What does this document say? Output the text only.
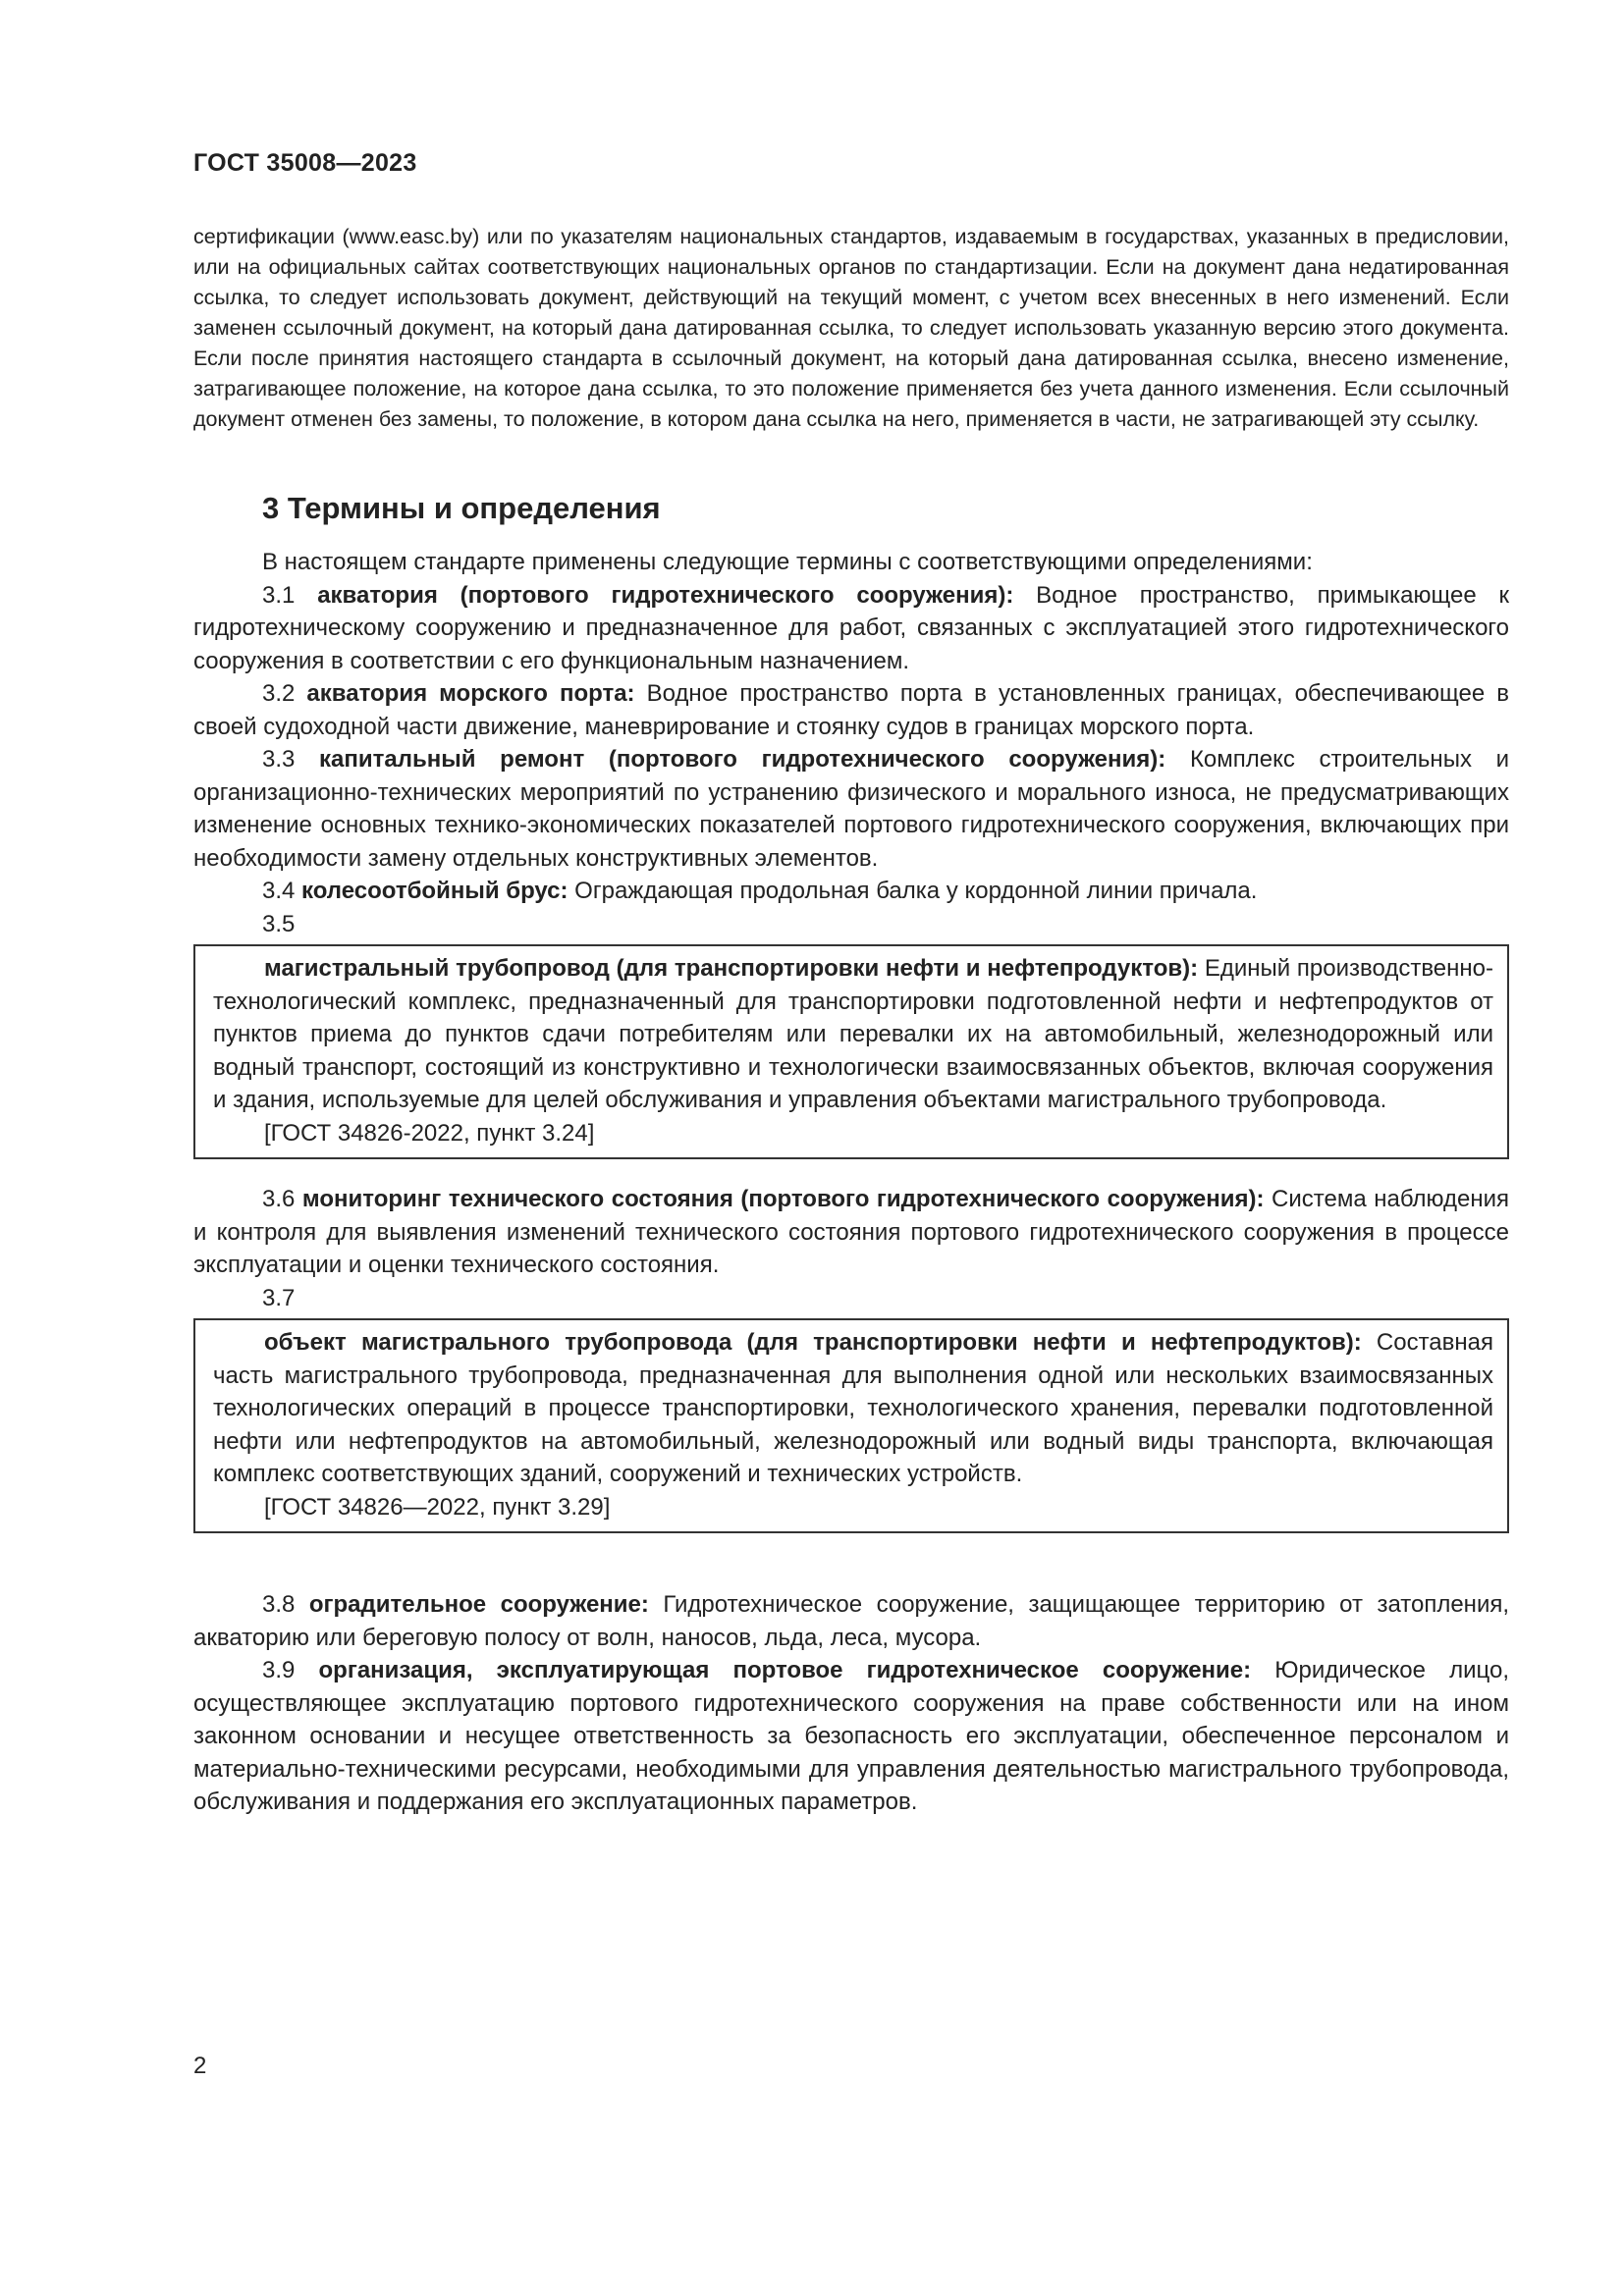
ГОСТ 35008—2023

сертификации (www.easc.by) или по указателям национальных стандартов, издаваемым в государствах, указанных в предисловии, или на официальных сайтах соответствующих национальных органов по стандартизации. Если на документ дана недатированная ссылка, то следует использовать документ, действующий на текущий момент, с учетом всех внесенных в него изменений. Если заменен ссылочный документ, на который дана датированная ссылка, то следует использовать указанную версию этого документа. Если после принятия настоящего стандарта в ссылочный документ, на который дана датированная ссылка, внесено изменение, затрагивающее положение, на которое дана ссылка, то это положение применяется без учета данного изменения. Если ссылочный документ отменен без замены, то положение, в котором дана ссылка на него, применяется в части, не затрагивающей эту ссылку.

3 Термины и определения

В настоящем стандарте применены следующие термины с соответствующими определениями:

3.1 акватория (портового гидротехнического сооружения): Водное пространство, примыкающее к гидротехническому сооружению и предназначенное для работ, связанных с эксплуатацией этого гидротехнического сооружения в соответствии с его функциональным назначением.

3.2 акватория морского порта: Водное пространство порта в установленных границах, обеспечивающее в своей судоходной части движение, маневрирование и стоянку судов в границах морского порта.

3.3 капитальный ремонт (портового гидротехнического сооружения): Комплекс строительных и организационно-технических мероприятий по устранению физического и морального износа, не предусматривающих изменение основных технико-экономических показателей портового гидротехнического сооружения, включающих при необходимости замену отдельных конструктивных элементов.

3.4 колесоотбойный брус: Ограждающая продольная балка у кордонной линии причала.

3.5

магистральный трубопровод (для транспортировки нефти и нефтепродуктов): Единый производственно-технологический комплекс, предназначенный для транспортировки подготовленной нефти и нефтепродуктов от пунктов приема до пунктов сдачи потребителям или перевалки их на автомобильный, железнодорожный или водный транспорт, состоящий из конструктивно и технологически взаимосвязанных объектов, включая сооружения и здания, используемые для целей обслуживания и управления объектами магистрального трубопровода.

[ГОСТ 34826-2022, пункт 3.24]

3.6 мониторинг технического состояния (портового гидротехнического сооружения): Система наблюдения и контроля для выявления изменений технического состояния портового гидротехнического сооружения в процессе эксплуатации и оценки технического состояния.

3.7

объект магистрального трубопровода (для транспортировки нефти и нефтепродуктов): Составная часть магистрального трубопровода, предназначенная для выполнения одной или нескольких взаимосвязанных технологических операций в процессе транспортировки, технологического хранения, перевалки подготовленной нефти или нефтепродуктов на автомобильный, железнодорожный или водный виды транспорта, включающая комплекс соответствующих зданий, сооружений и технических устройств.

[ГОСТ 34826—2022, пункт 3.29]

3.8 оградительное сооружение: Гидротехническое сооружение, защищающее территорию от затопления, акваторию или береговую полосу от волн, наносов, льда, леса, мусора.

3.9 организация, эксплуатирующая портовое гидротехническое сооружение: Юридическое лицо, осуществляющее эксплуатацию портового гидротехнического сооружения на праве собственности или на ином законном основании и несущее ответственность за безопасность его эксплуатации, обеспеченное персоналом и материально-техническими ресурсами, необходимыми для управления деятельностью магистрального трубопровода, обслуживания и поддержания его эксплуатационных параметров.

2
